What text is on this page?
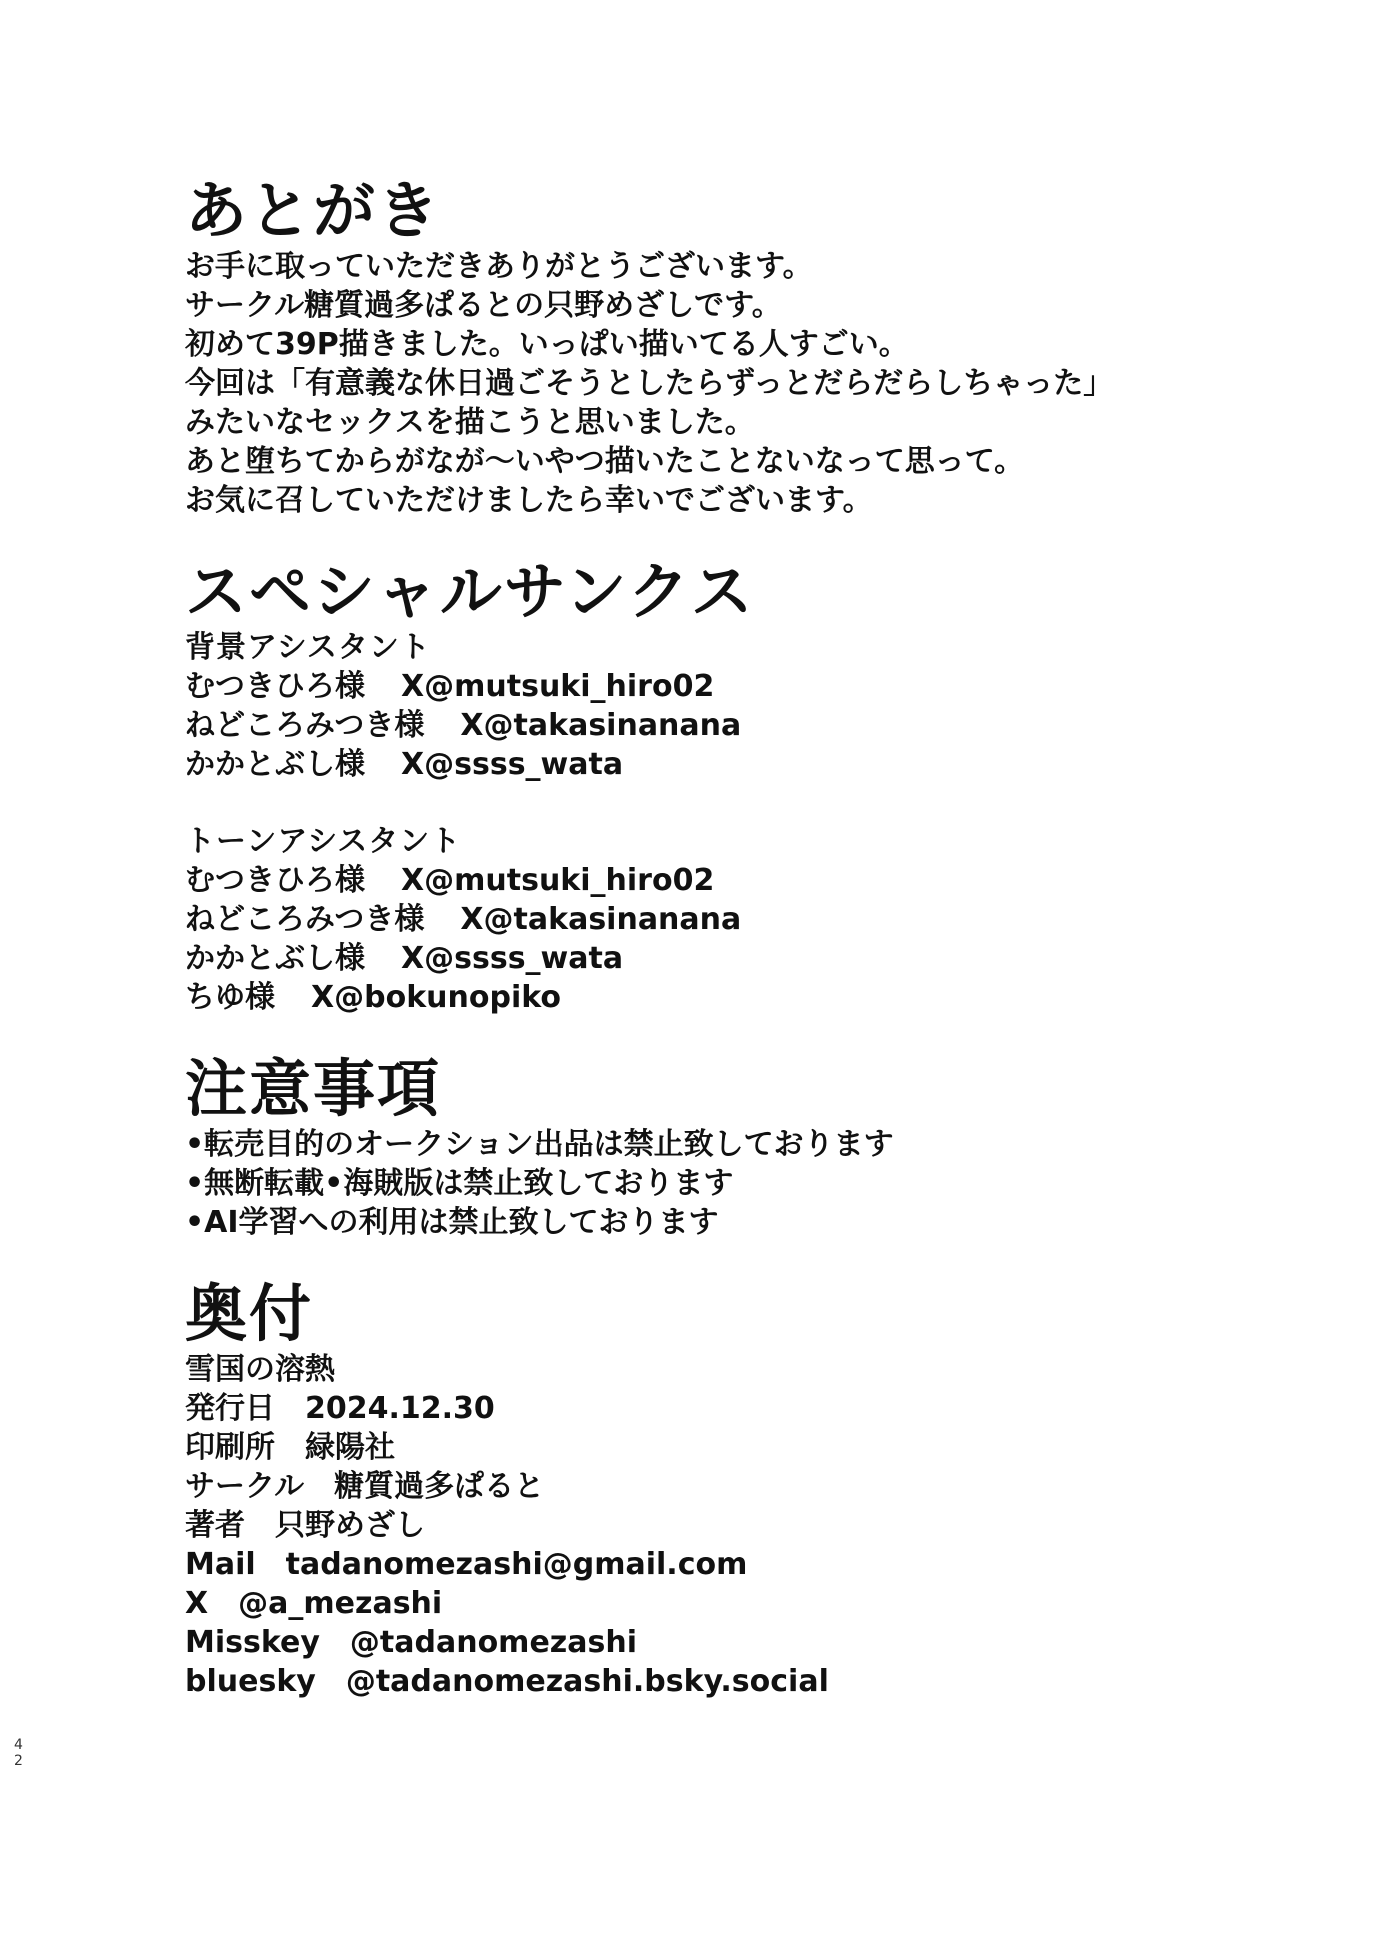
あとがき
お手に取っていただきありがとうございます。
サークル糖質過多ぱるとの只野めざしです。
初めて39P描きました。いっぱい描いてる人すごい。
今回は「有意義な休日過ごそうとしたらずっとだらだらしちゃった」
みたいなセックスを描こうと思いました。
あと堕ちてからがなが～いやつ描いたことないなって思って。
お気に召していただけましたら幸いでございます。
スペシャルサンクス
背景アシスタント
むつきひろ様 X@mutsuki_hiro02
ねどころみつき様 X@takasinanana
かかとぶし様 X@ssss_wata
トーンアシスタント
むつきひろ様 X@mutsuki_hiro02
ねどころみつき様 X@takasinanana
かかとぶし様 X@ssss_wata
ちゆ様 X@bokunopiko
注意事項
•転売目的のオークション出品は禁止致しております
•無断転載•海賊版は禁止致しております
•AI学習への利用は禁止致しております
奥付
雪国の溶熱
発行日 2024.12.30
印刷所 緑陽社
サークル 糖質過多ぱると
著者 只野めざし
Mail tadanomezashi@gmail.com
X @a_mezashi
Misskey @tadanomezashi
bluesky @tadanomezashi.bsky.social
42
